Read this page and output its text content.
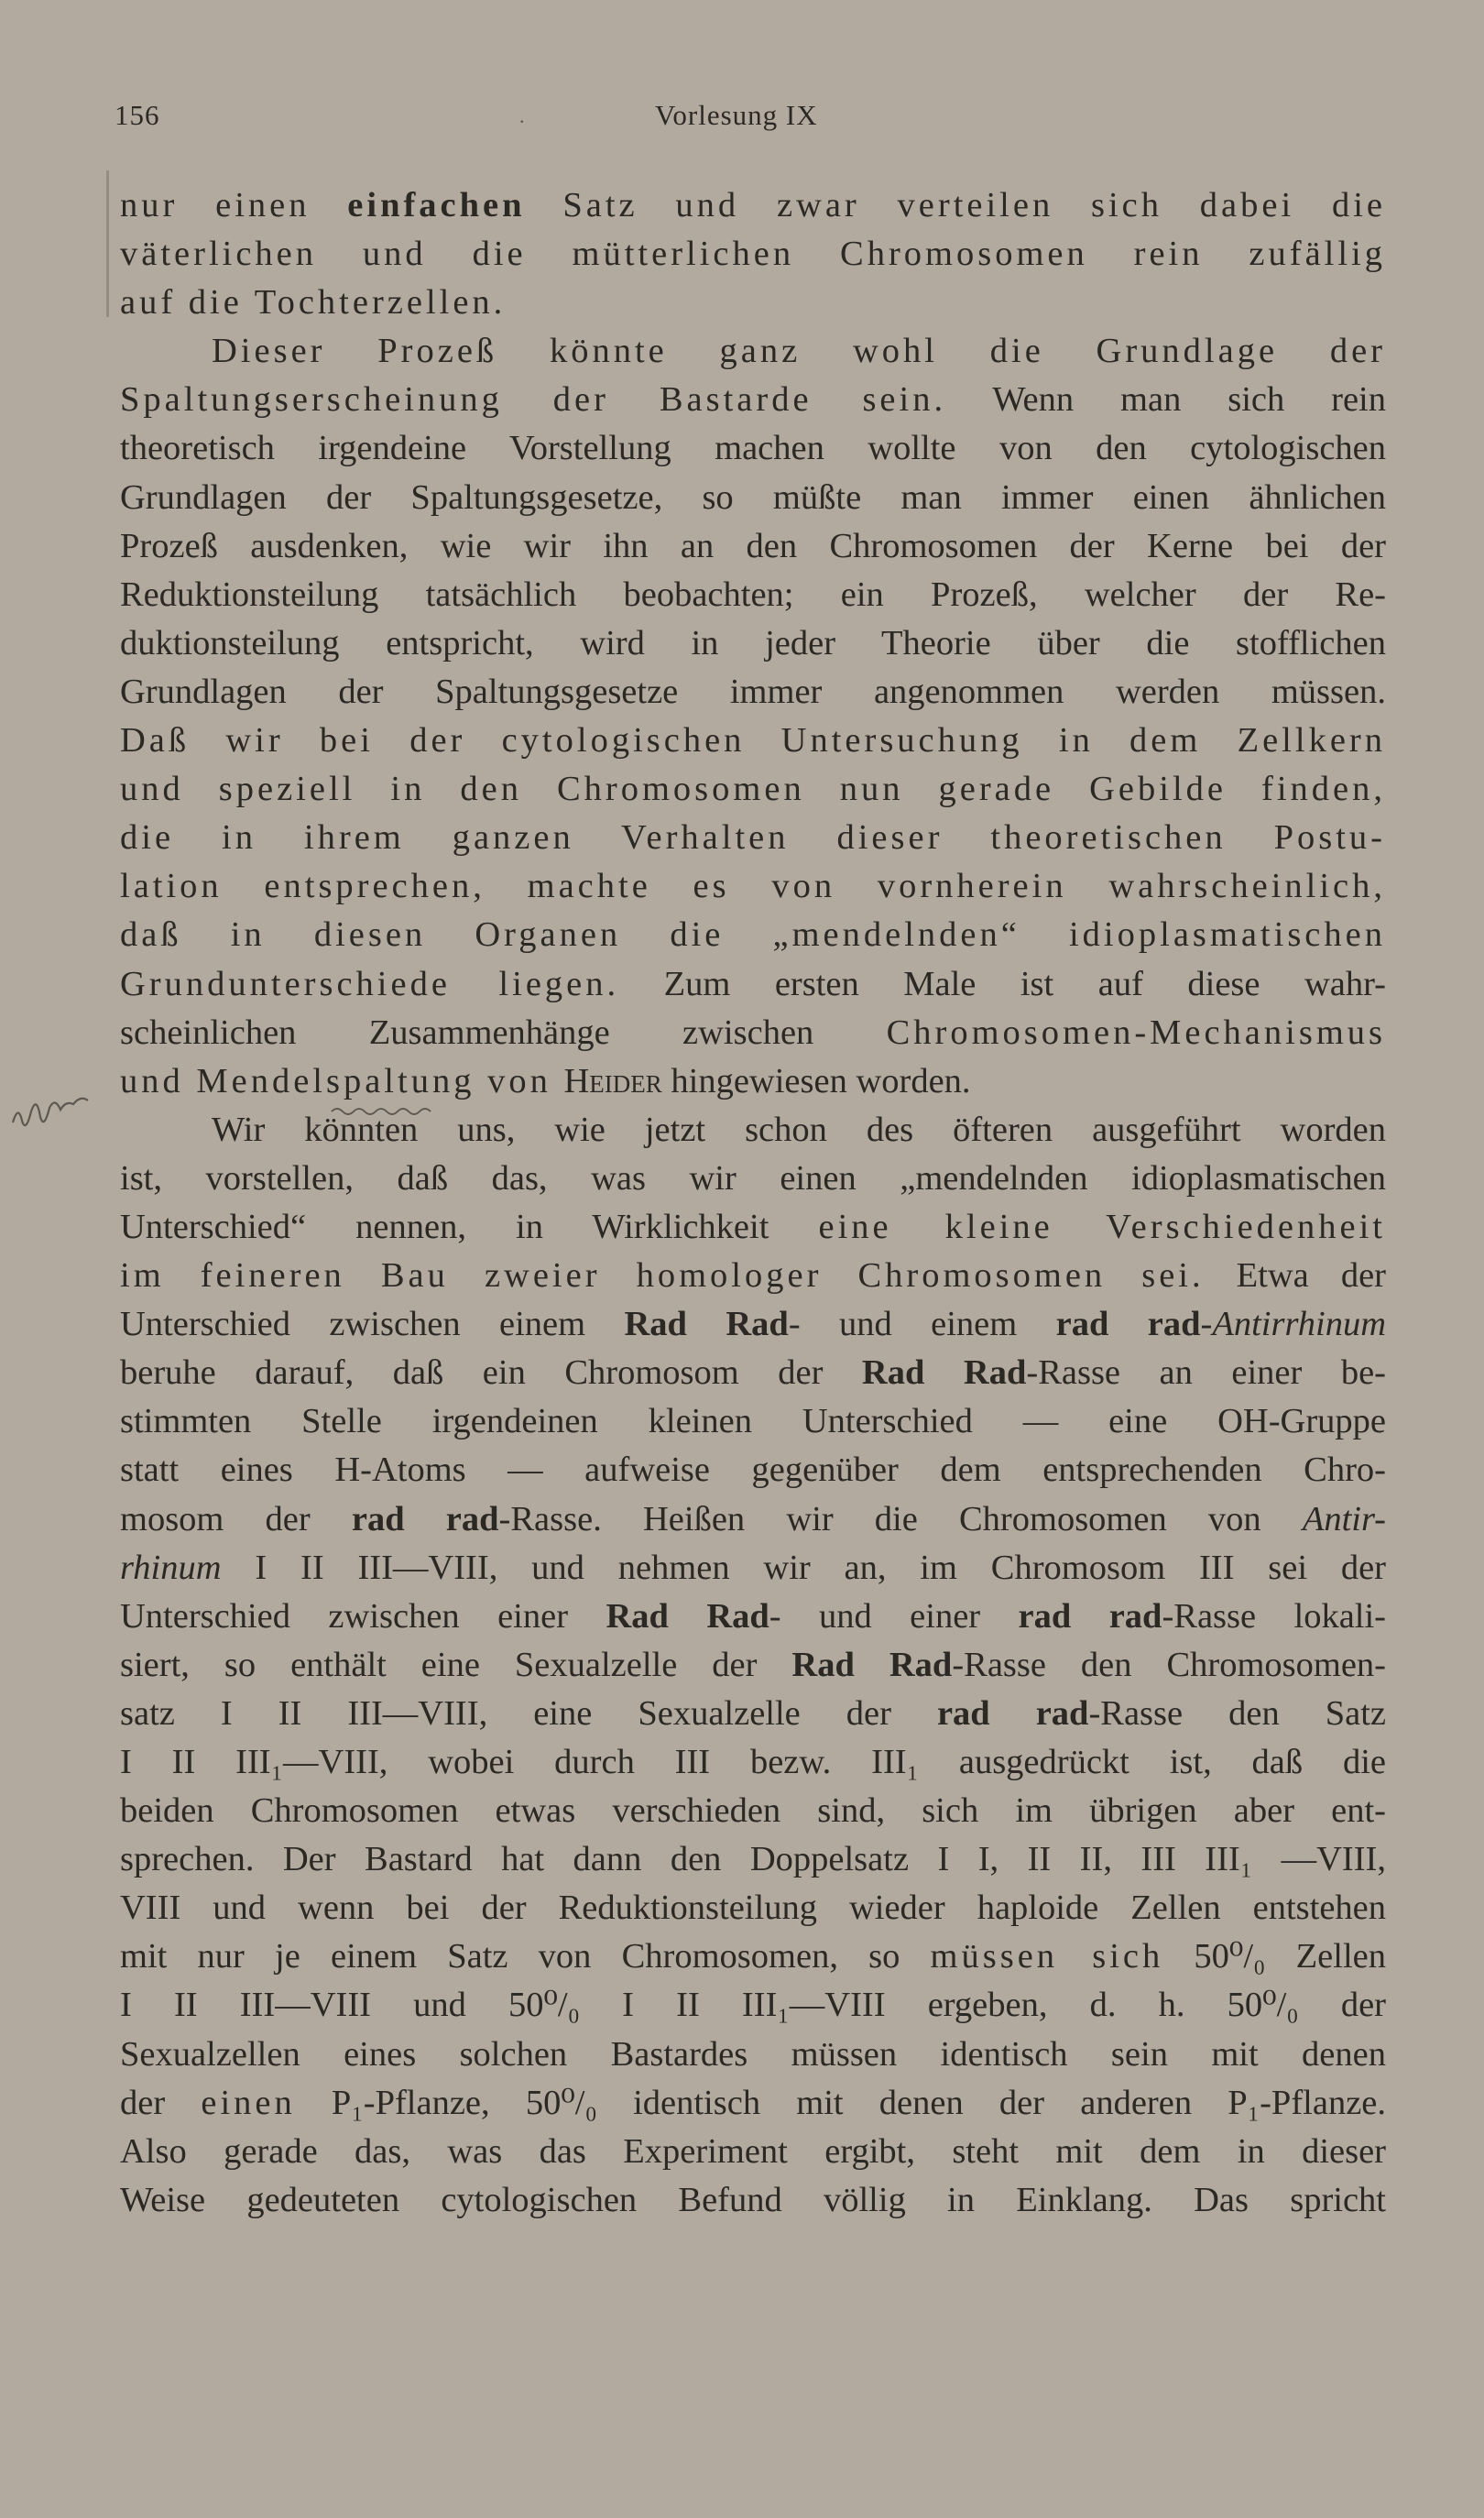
156	.	Vorlesung IX
nur einen einfachen Satz und zwar verteilen sich dabei die
väterlichen und die mütterlichen Chromosomen rein zufällig
auf die Tochterzellen.
Dieser Prozeß könnte ganz wohl die Grundlage der
Spaltungserscheinung der Bastarde sein. Wenn man sich rein
theoretisch irgendeine Vorstellung machen wollte von den cytologischen
Grundlagen der Spaltungsgesetze, so müßte man immer einen ähnlichen
Prozeß ausdenken, wie wir ihn an den Chromosomen der Kerne bei der
Reduktionsteilung tatsächlich beobachten; ein Prozeß, welcher der Re-
duktionsteilung entspricht, wird in jeder Theorie über die stofflichen
Grundlagen der Spaltungsgesetze immer angenommen werden müssen.
Daß wir bei der cytologischen Untersuchung in dem Zellkern
und speziell in den Chromosomen nun gerade Gebilde finden,
die in ihrem ganzen Verhalten dieser theoretischen Postu-
lation entsprechen, machte es von vornherein wahrscheinlich,
daß in diesen Organen die „mendelnden“ idioplasmatischen
Grundunterschiede liegen. Zum ersten Male ist auf diese wahr-
scheinlichen Zusammenhänge zwischen Chromosomen-Mechanismus
und Mendelspaltung von Heider hingewiesen worden.
Wir könnten uns, wie jetzt schon des öfteren ausgeführt worden
ist, vorstellen, daß das, was wir einen „mendelnden idioplasmatischen
Unterschied“ nennen, in Wirklichkeit eine kleine Verschiedenheit
im feineren Bau zweier homologer Chromosomen sei. Etwa der
Unterschied zwischen einem Rad Rad- und einem rad rad-Antirrhinum
beruhe darauf, daß ein Chromosom der Rad Rad-Rasse an einer be-
stimmten Stelle irgendeinen kleinen Unterschied — eine OH-Gruppe
statt eines H-Atoms — aufweise gegenüber dem entsprechenden Chro-
mosom der rad rad-Rasse. Heißen wir die Chromosomen von Antir-
rhinum I II III—VIII, und nehmen wir an, im Chromosom III sei der
Unterschied zwischen einer Rad Rad- und einer rad rad-Rasse lokali-
siert, so enthält eine Sexualzelle der Rad Rad-Rasse den Chromosomen-
satz I II III—VIII, eine Sexualzelle der rad rad-Rasse den Satz
I II III₁—VIII, wobei durch III bezw. III₁ ausgedrückt ist, daß die
beiden Chromosomen etwas verschieden sind, sich im übrigen aber ent-
sprechen. Der Bastard hat dann den Doppelsatz I I, II II, III III₁ —VIII,
VIII und wenn bei der Reduktionsteilung wieder haploide Zellen entstehen
mit nur je einem Satz von Chromosomen, so müssen sich 50⁰/₀ Zellen
I II III—VIII und 50⁰/₀ I II III₁—VIII ergeben, d. h. 50⁰/₀ der
Sexualzellen eines solchen Bastardes müssen identisch sein mit denen
der einen P₁-Pflanze, 50⁰/₀ identisch mit denen der anderen P₁-Pflanze.
Also gerade das, was das Experiment ergibt, steht mit dem in dieser
Weise gedeuteten cytologischen Befund völlig in Einklang. Das spricht
